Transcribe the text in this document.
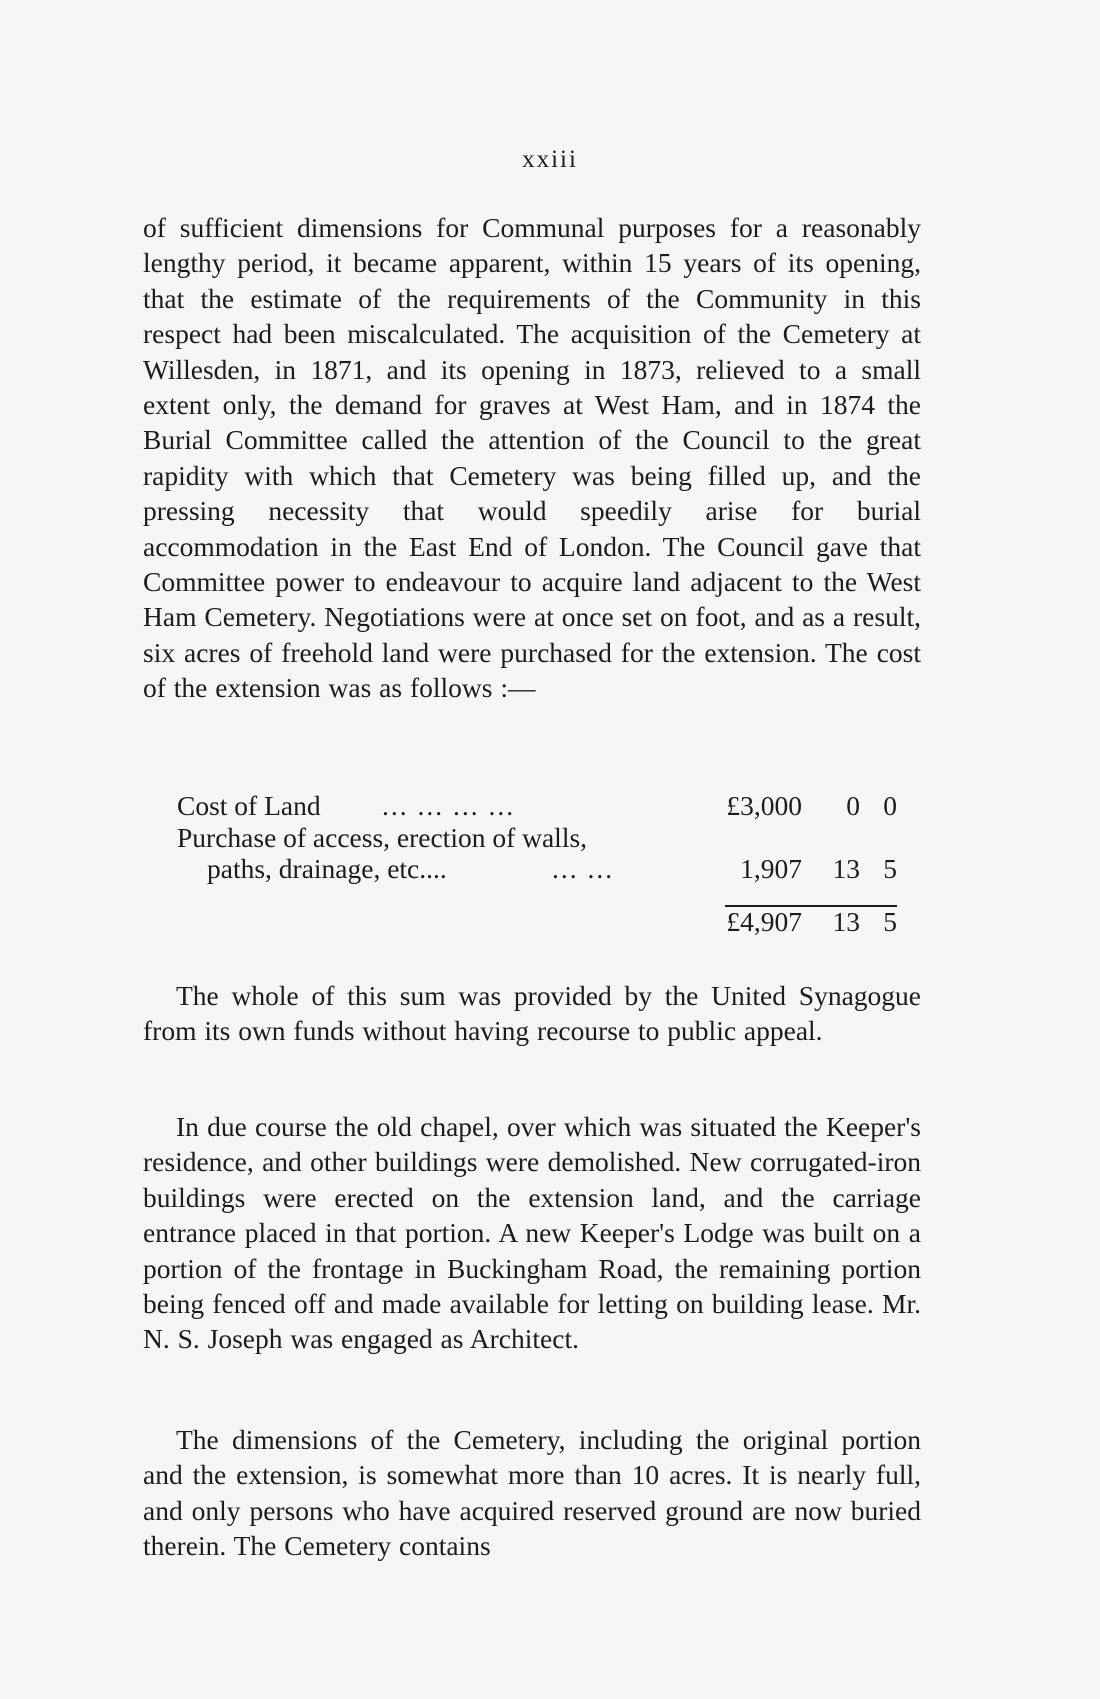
xxiii

of sufficient dimensions for Communal purposes for a reasonably lengthy period, it became apparent, within 15 years of its opening, that the estimate of the requirements of the Community in this respect had been miscalculated. The acquisition of the Cemetery at Willesden, in 1871, and its opening in 1873, relieved to a small extent only, the demand for graves at West Ham, and in 1874 the Burial Committee called the attention of the Council to the great rapidity with which that Cemetery was being filled up, and the pressing necessity that would speedily arise for burial accommodation in the East End of London. The Council gave that Committee power to endeavour to acquire land adjacent to the West Ham Cemetery. Negotiations were at once set on foot, and as a result, six acres of freehold land were purchased for the extension. The cost of the extension was as follows :—

Cost of Land ... ... ... ...	£3,000 0 0
Purchase of access, erection of walls,
paths, drainage, etc....	... ...	1,907 13 5
£4,907 13 5

The whole of this sum was provided by the United Synagogue from its own funds without having recourse to public appeal.

In due course the old chapel, over which was situated the Keeper's residence, and other buildings were demolished. New corrugated-iron buildings were erected on the extension land, and the carriage entrance placed in that portion. A new Keeper's Lodge was built on a portion of the frontage in Buckingham Road, the remaining portion being fenced off and made available for letting on building lease. Mr. N. S. Joseph was engaged as Architect.

The dimensions of the Cemetery, including the original portion and the extension, is somewhat more than 10 acres. It is nearly full, and only persons who have acquired reserved ground are now buried therein. The Cemetery contains
